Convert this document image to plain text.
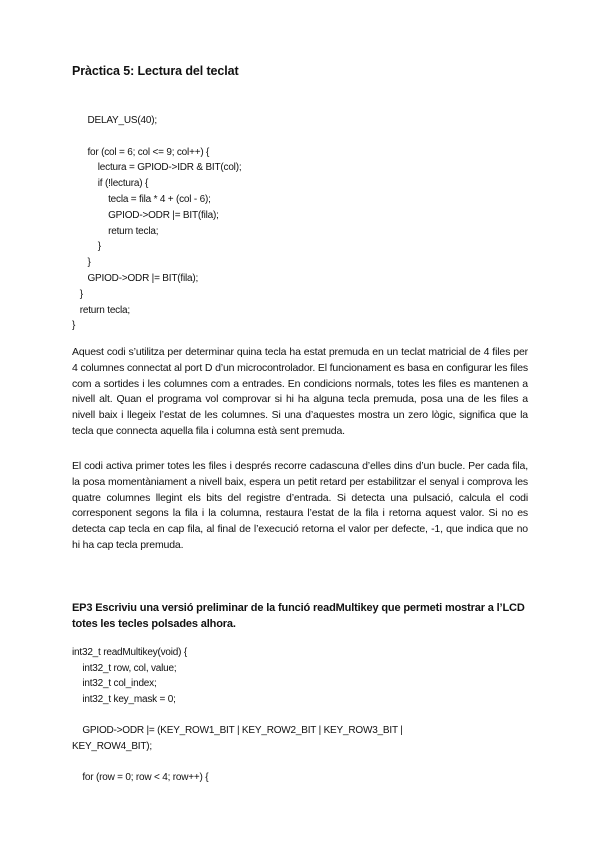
Pràctica 5: Lectura del teclat
DELAY_US(40);

for (col = 6; col <= 9; col++) {
lectura = GPIOD->IDR & BIT(col);
if (!lectura) {
tecla = fila * 4 + (col - 6);
GPIOD->ODR |= BIT(fila);
return tecla;
}
}
GPIOD->ODR |= BIT(fila);
}
return tecla;
}

Aquest codi s’utilitza per determinar quina tecla ha estat premuda en un teclat matricial de 4 files per 4 columnes connectat al port D d’un microcontrolador. El funcionament es basa en configurar les files com a sortides i les columnes com a entrades. En condicions normals, totes les files es mantenen a nivell alt. Quan el programa vol comprovar si hi ha alguna tecla premuda, posa una de les files a nivell baix i llegeix l’estat de les columnes. Si una d’aquestes mostra un zero lògic, significa que la tecla que connecta aquella fila i columna està sent premuda.

El codi activa primer totes les files i després recorre cadascuna d’elles dins d’un bucle. Per cada fila, la posa momentàniament a nivell baix, espera un petit retard per estabilitzar el senyal i comprova les quatre columnes llegint els bits del registre d’entrada. Si detecta una pulsació, calcula el codi corresponent segons la fila i la columna, restaura l’estat de la fila i retorna aquest valor. Si no es detecta cap tecla en cap fila, al final de l’execució retorna el valor per defecte, -1, que indica que no hi ha cap tecla premuda.

EP3 Escriviu una versió preliminar de la funció readMultikey que permeti mostrar a l’LCD totes les tecles polsades alhora.

int32_t readMultikey(void) {
int32_t row, col, value;
int32_t col_index;
int32_t key_mask = 0;

GPIOD->ODR |= (KEY_ROW1_BIT | KEY_ROW2_BIT | KEY_ROW3_BIT |
KEY_ROW4_BIT);

for (row = 0; row < 4; row++) {
